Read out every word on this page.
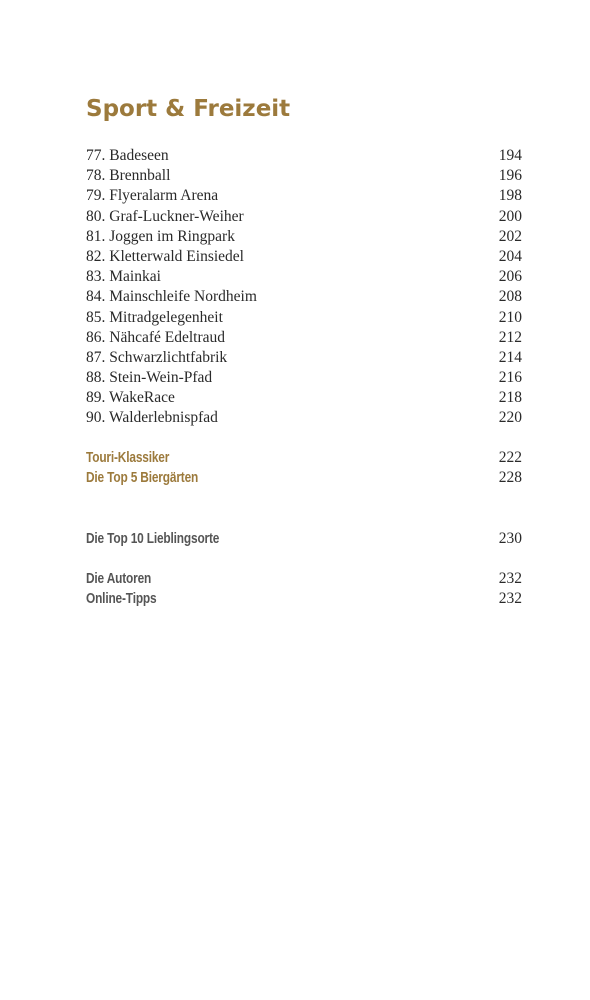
Sport & Freizeit
77. Badeseen	194
78. Brennball	196
79. Flyeralarm Arena	198
80. Graf-Luckner-Weiher	200
81. Joggen im Ringpark	202
82. Kletterwald Einsiedel	204
83. Mainkai	206
84. Mainschleife Nordheim	208
85. Mitradgelegenheit	210
86. Nähcafé Edeltraud	212
87. Schwarzlichtfabrik	214
88. Stein-Wein-Pfad	216
89. WakeRace	218
90. Walderlebnispfad	220
Touri-Klassiker	222
Die Top 5 Biergärten	228
Die Top 10 Lieblingsorte	230
Die Autoren	232
Online-Tipps	232
